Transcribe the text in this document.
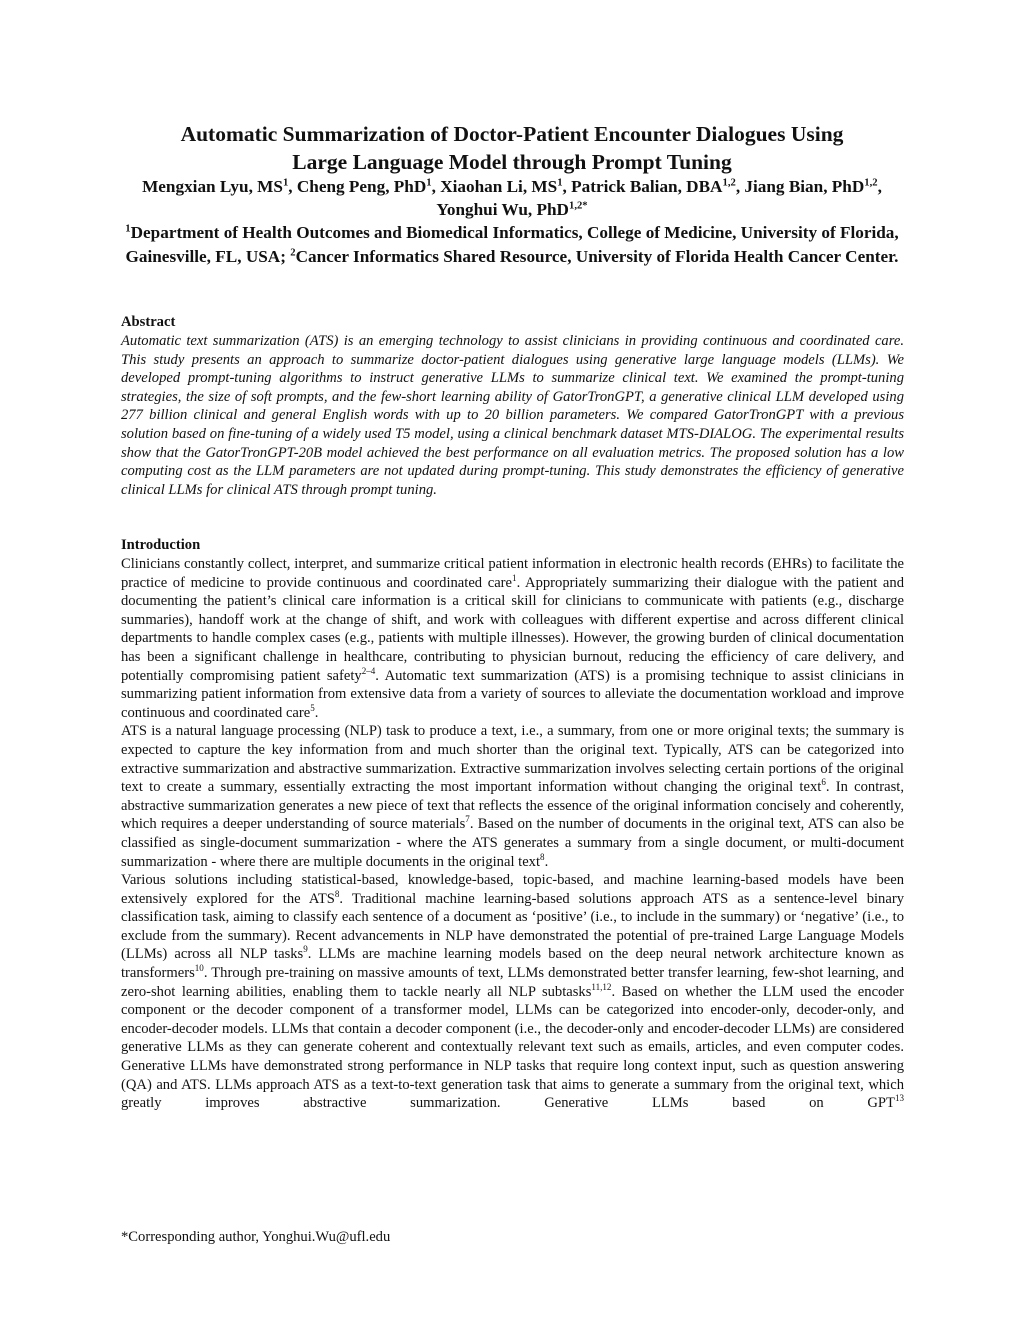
Automatic Summarization of Doctor-Patient Encounter Dialogues Using
Large Language Model through Prompt Tuning
Mengxian Lyu, $MS^1$, Cheng Peng, PhD$^1$, Xiaohan Li, $MS^1$, Patrick Balian, DBA$^{1,2}$, Jiang Bian, PhD$^{1,2}$, Yonghui Wu, PhD$^{1,2*}$
$^1$Department of Health Outcomes and Biomedical Informatics, College of Medicine, University of Florida, Gainesville, FL, USA; $^2$Cancer Informatics Shared Resource, University of Florida Health Cancer Center.
Abstract

Automatic text summarization (ATS) is an emerging technology to assist clinicians in providing continuous and coordinated care. This study presents an approach to summarize doctor-patient dialogues using generative large language models (LLMs). We developed prompt-tuning algorithms to instruct generative LLMs to summarize clinical text. We examined the prompt-tuning strategies, the size of soft prompts, and the few-short learning ability of GatorTronGPT, a generative clinical LLM developed using 277 billion clinical and general English words with up to 20 billion parameters. We compared GatorTronGPT with a previous solution based on fine-tuning of a widely used T5 model, using a clinical benchmark dataset MTS-DIALOG. The experimental results show that the GatorTronGPT-20B model achieved the best performance on all evaluation metrics. The proposed solution has a low computing cost as the LLM parameters are not updated during prompt-tuning. This study demonstrates the efficiency of generative clinical LLMs for clinical ATS through prompt tuning.

Introduction

Clinicians constantly collect, interpret, and summarize critical patient information in electronic health records (EHRs) to facilitate the practice of medicine to provide continuous and coordinated care$^1$. Appropriately summarizing their dialogue with the patient and documenting the patient’s clinical care information is a critical skill for clinicians to communicate with patients (e.g., discharge summaries), handoff work at the change of shift, and work with colleagues with different expertise and across different clinical departments to handle complex cases (e.g., patients with multiple illnesses). However, the growing burden of clinical documentation has been a significant challenge in healthcare, contributing to physician burnout, reducing the efficiency of care delivery, and potentially compromising patient safety$^{2-4}$. Automatic text summarization (ATS) is a promising technique to assist clinicians in summarizing patient information from extensive data from a variety of sources to alleviate the documentation workload and improve continuous and coordinated care$^5$.

ATS is a natural language processing (NLP) task to produce a text, i.e., a summary, from one or more original texts; the summary is expected to capture the key information from and much shorter than the original text. Typically, ATS can be categorized into extractive summarization and abstractive summarization. Extractive summarization involves selecting certain portions of the original text to create a summary, essentially extracting the most important information without changing the original text$^6$. In contrast, abstractive summarization generates a new piece of text that reflects the essence of the original information concisely and coherently, which requires a deeper understanding of source materials$^7$. Based on the number of documents in the original text, ATS can also be classified as single-document summarization - where the ATS generates a summary from a single document, or multi-document summarization - where there are multiple documents in the original text$^8$.

Various solutions including statistical-based, knowledge-based, topic-based, and machine learning-based models have been extensively explored for the ATS$^8$. Traditional machine learning-based solutions approach ATS as a sentence-level binary classification task, aiming to classify each sentence of a document as ‘positive’ (i.e., to include in the summary) or ‘negative’ (i.e., to exclude from the summary). Recent advancements in NLP have demonstrated the potential of pre-trained Large Language Models (LLMs) across all NLP tasks$^9$. LLMs are machine learning models based on the deep neural network architecture known as transformers$^{10}$. Through pre-training on massive amounts of text, LLMs demonstrated better transfer learning, few-shot learning, and zero-shot learning abilities, enabling them to tackle nearly all NLP subtasks$^{11,12}$. Based on whether the LLM used the encoder component or the decoder component of a transformer model, LLMs can be categorized into encoder-only, decoder-only, and encoder-decoder models. LLMs that contain a decoder component (i.e., the decoder-only and encoder-decoder LLMs) are considered generative LLMs as they can generate coherent and contextually relevant text such as emails, articles, and even computer codes. Generative LLMs have demonstrated strong performance in NLP tasks that require long context input, such as question answering (QA) and ATS. LLMs approach ATS as a text-to-text generation task that aims to generate a summary from the original text, which greatly improves abstractive summarization. Generative LLMs based on GPT$^{13}$

*Corresponding author, Yonghui.Wu@ufl.edu
